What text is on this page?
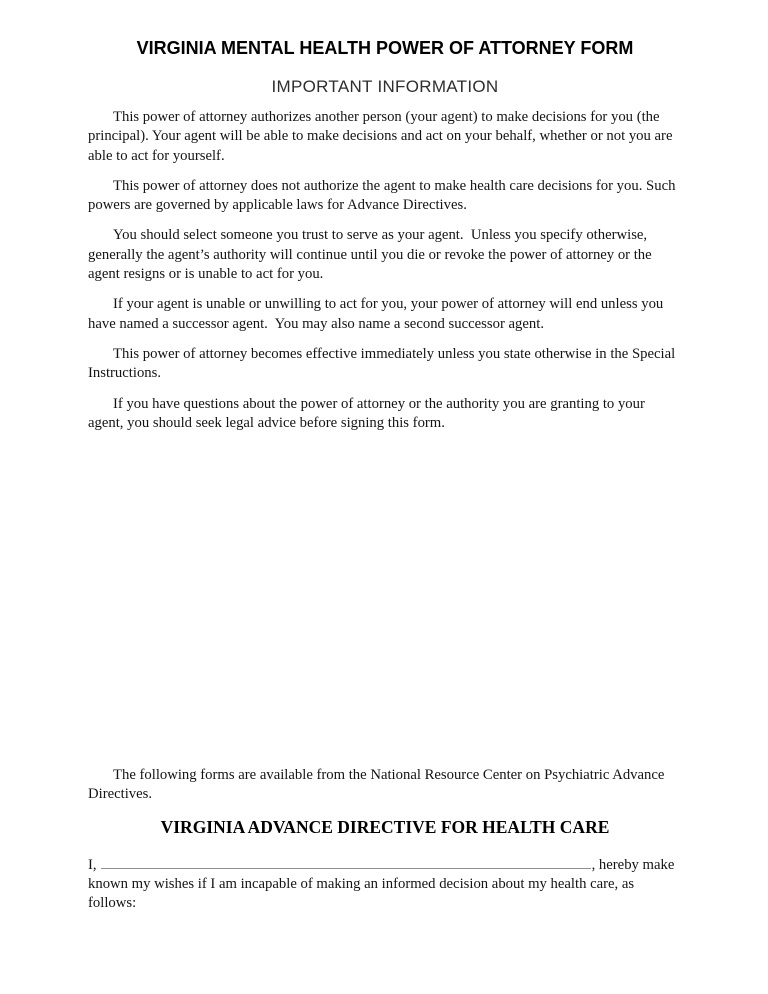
VIRGINIA MENTAL HEALTH POWER OF ATTORNEY FORM
IMPORTANT INFORMATION

This power of attorney authorizes another person (your agent) to make decisions for you (the principal). Your agent will be able to make decisions and act on your behalf, whether or not you are able to act for yourself.

This power of attorney does not authorize the agent to make health care decisions for you. Such powers are governed by applicable laws for Advance Directives.

You should select someone you trust to serve as your agent.  Unless you specify otherwise, generally the agent’s authority will continue until you die or revoke the power of attorney or the agent resigns or is unable to act for you.

If your agent is unable or unwilling to act for you, your power of attorney will end unless you have named a successor agent.  You may also name a second successor agent.

This power of attorney becomes effective immediately unless you state otherwise in the Special Instructions.

If you have questions about the power of attorney or the authority you are granting to your agent, you should seek legal advice before signing this form.

The following forms are available from the National Resource Center on Psychiatric Advance Directives.

VIRGINIA ADVANCE DIRECTIVE FOR HEALTH CARE

I,	, hereby make known my wishes if I am incapable of making an informed decision about my health care, as follows:
